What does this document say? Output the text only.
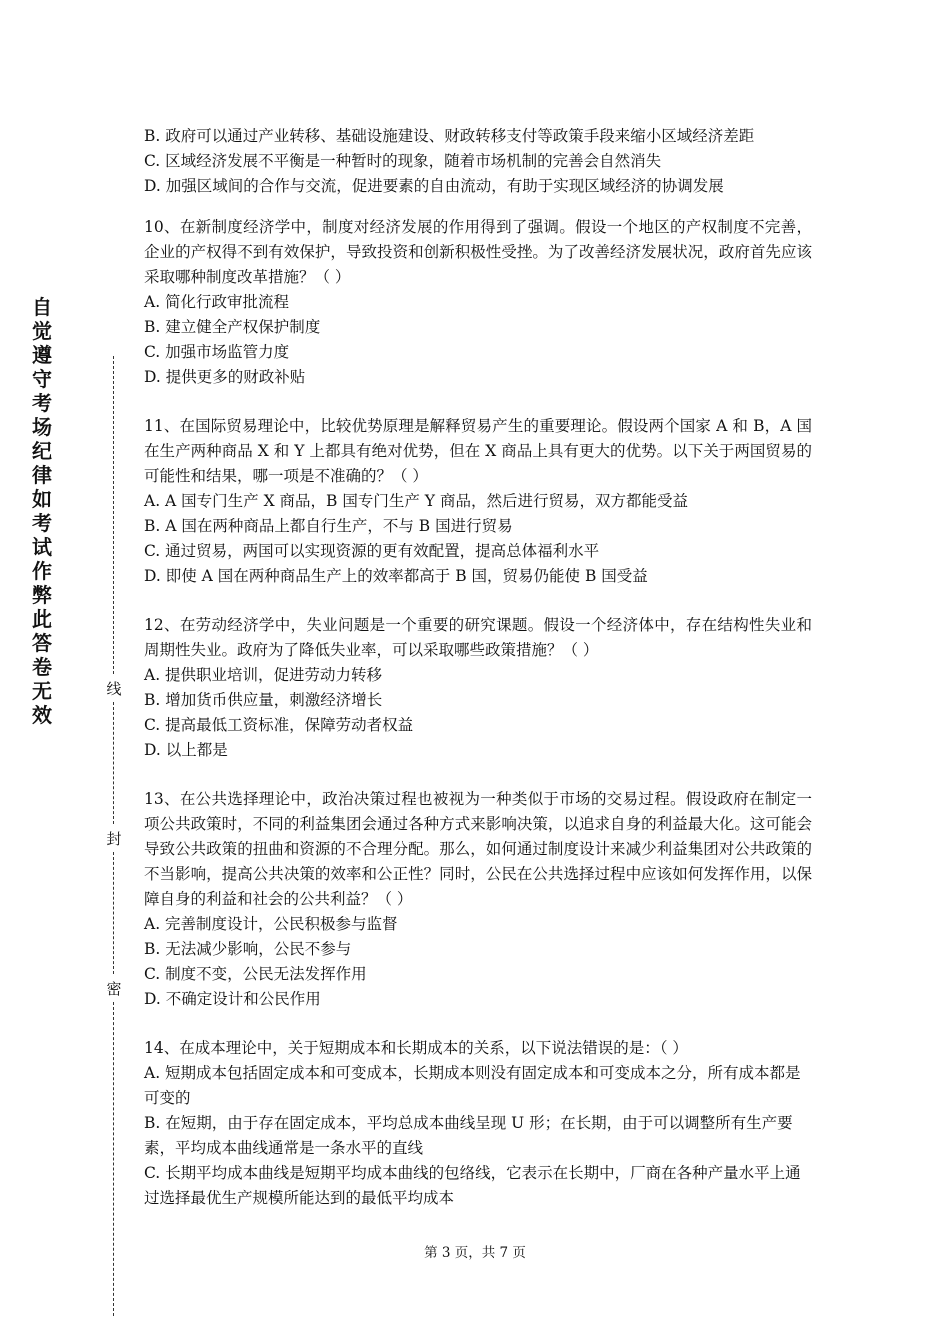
自觉遵守考场纪律如考试作弊此答卷无效
线
封
密
B. 政府可以通过产业转移、基础设施建设、财政转移支付等政策手段来缩小区域经济差距
C. 区域经济发展不平衡是一种暂时的现象，随着市场机制的完善会自然消失
D. 加强区域间的合作与交流，促进要素的自由流动，有助于实现区域经济的协调发展
10、在新制度经济学中，制度对经济发展的作用得到了强调。假设一个地区的产权制度不完善，企业的产权得不到有效保护，导致投资和创新积极性受挫。为了改善经济发展状况，政府首先应该采取哪种制度改革措施？（ ）
A. 简化行政审批流程
B. 建立健全产权保护制度
C. 加强市场监管力度
D. 提供更多的财政补贴
11、在国际贸易理论中，比较优势原理是解释贸易产生的重要理论。假设两个国家 A 和 B，A 国在生产两种商品 X 和 Y 上都具有绝对优势，但在 X 商品上具有更大的优势。以下关于两国贸易的可能性和结果，哪一项是不准确的？（ ）
A. A 国专门生产 X 商品，B 国专门生产 Y 商品，然后进行贸易，双方都能受益
B. A 国在两种商品上都自行生产，不与 B 国进行贸易
C. 通过贸易，两国可以实现资源的更有效配置，提高总体福利水平
D. 即使 A 国在两种商品生产上的效率都高于 B 国，贸易仍能使 B 国受益
12、在劳动经济学中，失业问题是一个重要的研究课题。假设一个经济体中，存在结构性失业和周期性失业。政府为了降低失业率，可以采取哪些政策措施？（ ）
A. 提供职业培训，促进劳动力转移
B. 增加货币供应量，刺激经济增长
C. 提高最低工资标准，保障劳动者权益
D. 以上都是
13、在公共选择理论中，政治决策过程也被视为一种类似于市场的交易过程。假设政府在制定一项公共政策时，不同的利益集团会通过各种方式来影响决策，以追求自身的利益最大化。这可能会导致公共政策的扭曲和资源的不合理分配。那么，如何通过制度设计来减少利益集团对公共政策的不当影响，提高公共决策的效率和公正性？同时，公民在公共选择过程中应该如何发挥作用，以保障自身的利益和社会的公共利益？（ ）
A. 完善制度设计，公民积极参与监督
B. 无法减少影响，公民不参与
C. 制度不变，公民无法发挥作用
D. 不确定设计和公民作用
14、在成本理论中，关于短期成本和长期成本的关系，以下说法错误的是：（ ）
A. 短期成本包括固定成本和可变成本，长期成本则没有固定成本和可变成本之分，所有成本都是可变的
B. 在短期，由于存在固定成本，平均总成本曲线呈现 U 形；在长期，由于可以调整所有生产要素，平均成本曲线通常是一条水平的直线
C. 长期平均成本曲线是短期平均成本曲线的包络线，它表示在长期中，厂商在各种产量水平上通过选择最优生产规模所能达到的最低平均成本
第 3 页，共 7 页
